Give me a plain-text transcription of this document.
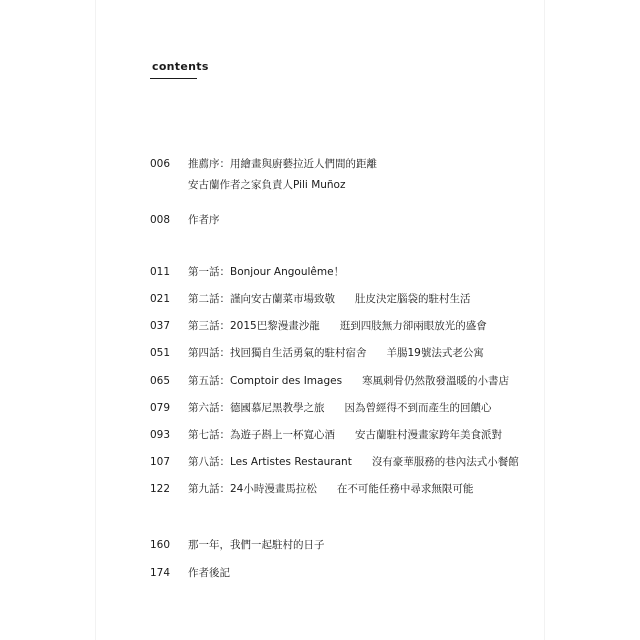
contents
006 推薦序：用繪畫與廚藝拉近人們間的距離
安古蘭作者之家負責人Pili Muñoz
008 作者序
011 第一話：Bonjour Angoulême！
021 第二話：謹向安古蘭菜市場致敬 肚皮決定腦袋的駐村生活
037 第三話：2015巴黎漫畫沙龍 逛到四肢無力卻兩眼放光的盛會
051 第四話：找回獨自生活勇氣的駐村宿舍 羊腸19號法式老公寓
065 第五話：Comptoir des Images 寒風刺骨仍然散發溫暖的小書店
079 第六話：德國慕尼黑教學之旅 因為曾經得不到而產生的回饋心
093 第七話：為遊子斟上一杯寬心酒 安古蘭駐村漫畫家跨年美食派對
107 第八話：Les Artistes Restaurant 沒有豪華服務的巷內法式小餐館
122 第九話：24小時漫畫馬拉松 在不可能任務中尋求無限可能
160 那一年，我們一起駐村的日子
174 作者後記
